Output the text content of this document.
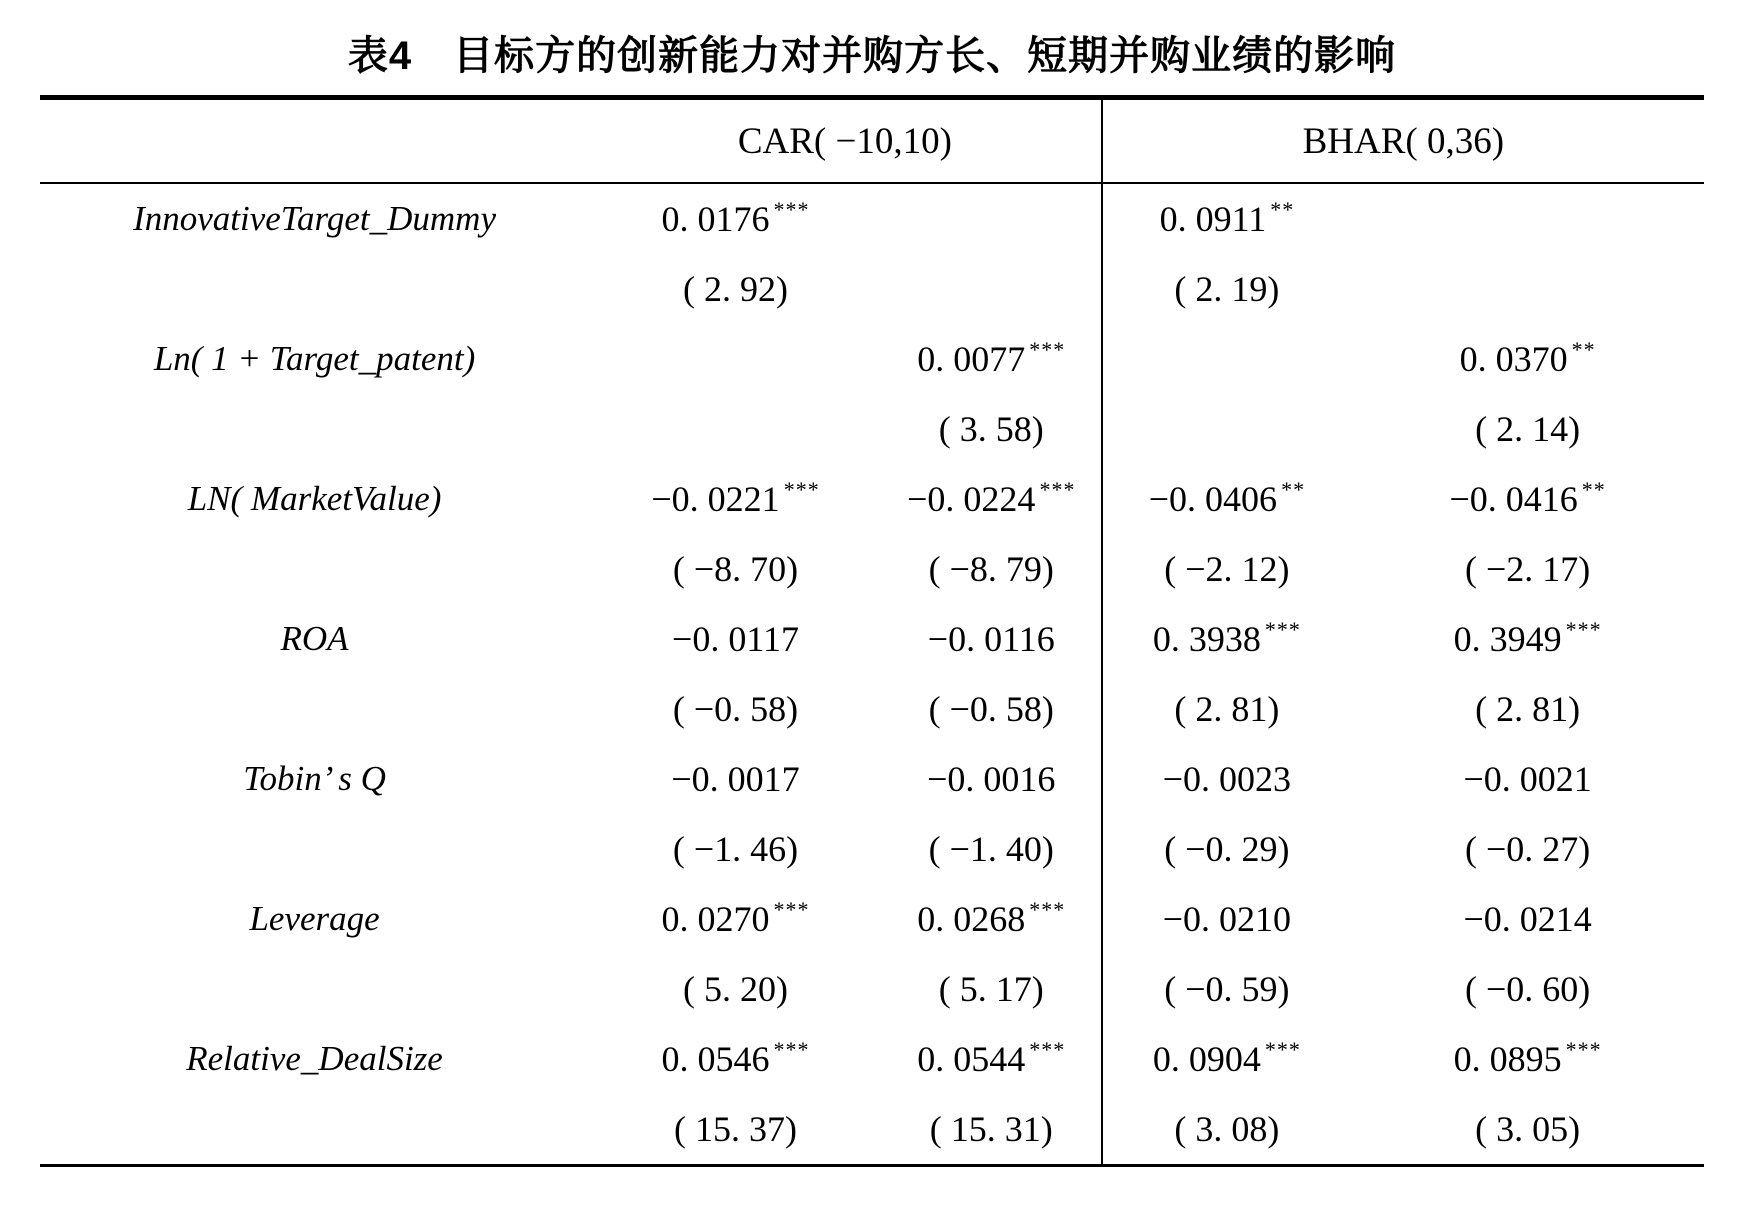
表4　目标方的创新能力对并购方长、短期并购业绩的影响
	CAR( −10,10)		BHAR( 0,36)	
InnovativeTarget_Dummy	0. 0176 ***		0. 0911 **	
	( 2. 92)		( 2. 19)	
Ln( 1 + Target_patent)		0. 0077 ***		0. 0370 **
		( 3. 58)		( 2. 14)
LN( MarketValue)	−0. 0221 ***	−0. 0224 ***	−0. 0406 **	−0. 0416 **
	( −8. 70)	( −8. 79)	( −2. 12)	( −2. 17)
ROA	−0. 0117	−0. 0116	0. 3938 ***	0. 3949 ***
	( −0. 58)	( −0. 58)	( 2. 81)	( 2. 81)
Tobin’ s Q	−0. 0017	−0. 0016	−0. 0023	−0. 0021
	( −1. 46)	( −1. 40)	( −0. 29)	( −0. 27)
Leverage	0. 0270 ***	0. 0268 ***	−0. 0210	−0. 0214
	( 5. 20)	( 5. 17)	( −0. 59)	( −0. 60)
Relative_DealSize	0. 0546 ***	0. 0544 ***	0. 0904 ***	0. 0895 ***
	( 15. 37)	( 15. 31)	( 3. 08)	( 3. 05)
